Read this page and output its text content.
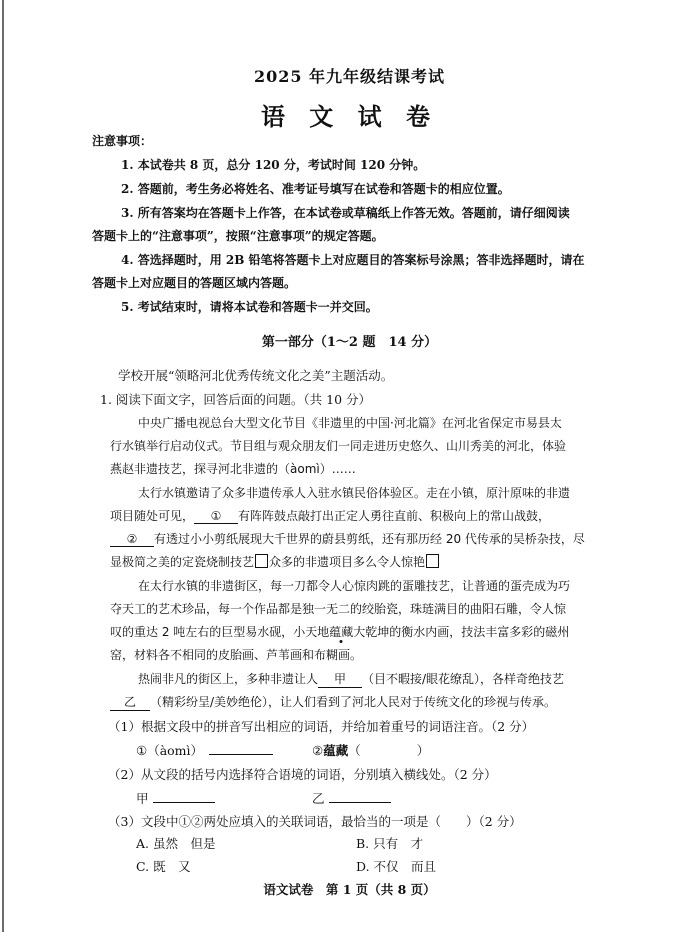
2025 年九年级结课考试
语 文 试 卷
注意事项：
1. 本试卷共 8 页，总分 120 分，考试时间 120 分钟。
2. 答题前，考生务必将姓名、准考证号填写在试卷和答题卡的相应位置。
3. 所有答案均在答题卡上作答，在本试卷或草稿纸上作答无效。答题前，请仔细阅读
答题卡上的“注意事项”，按照“注意事项”的规定答题。
4. 答选择题时，用 2B 铅笔将答题卡上对应题目的答案标号涂黑；答非选择题时，请在
答题卡上对应题目的答题区域内答题。
5. 考试结束时，请将本试卷和答题卡一并交回。
第一部分（1～2 题　14 分）
学校开展“领略河北优秀传统文化之美”主题活动。
1. 阅读下面文字，回答后面的问题。（共 10 分）
中央广播电视总台大型文化节目《非遗里的中国·河北篇》在河北省保定市易县太
行水镇举行启动仪式。节目组与观众朋友们一同走进历史悠久、山川秀美的河北，体验
燕赵非遗技艺，探寻河北非遗的（àomì）……
太行水镇邀请了众多非遗传承人入驻水镇民俗体验区。走在小镇，原汁原味的非遗
项目随处可见， ① 有阵阵鼓点敲打出正定人勇往直前、积极向上的常山战鼓，
② 有透过小小剪纸展现大千世界的蔚县剪纸，还有那历经 20 代传承的吴桥杂技，尽
显极简之美的定瓷烧制技艺 众多的非遗项目多么令人惊艳
在太行水镇的非遗街区，每一刀都令人心惊肉跳的蛋雕技艺，让普通的蛋壳成为巧
夺天工的艺术珍品，每一个作品都是独一无二的绞胎瓷，珠琏满目的曲阳石雕，令人惊
叹的重达 2 吨左右的巨型易水砚，小天地蕴藏大乾坤的衡水内画，技法丰富多彩的磁州
窑，材料各不相同的皮胎画、芦苇画和布糊画。
热闹非凡的街区上，多种非遗让人 甲 （目不暇接/眼花缭乱），各样奇绝技艺
乙 （精彩纷呈/美妙绝伦），让人们看到了河北人民对于传统文化的珍视与传承。
（1）根据文段中的拼音写出相应的词语，并给加着重号的词语注音。（2 分）
①（àomì）	②蕴藏（	）
（2）从文段的括号内选择符合语境的词语，分别填入横线处。（2 分）
甲	乙
（3）文段中①②两处应填入的关联词语，最恰当的一项是（　　）（2 分）
A. 虽然　但是	B. 只有　才
C. 既　又	D. 不仅　而且
语文试卷　第 1 页（共 8 页）
